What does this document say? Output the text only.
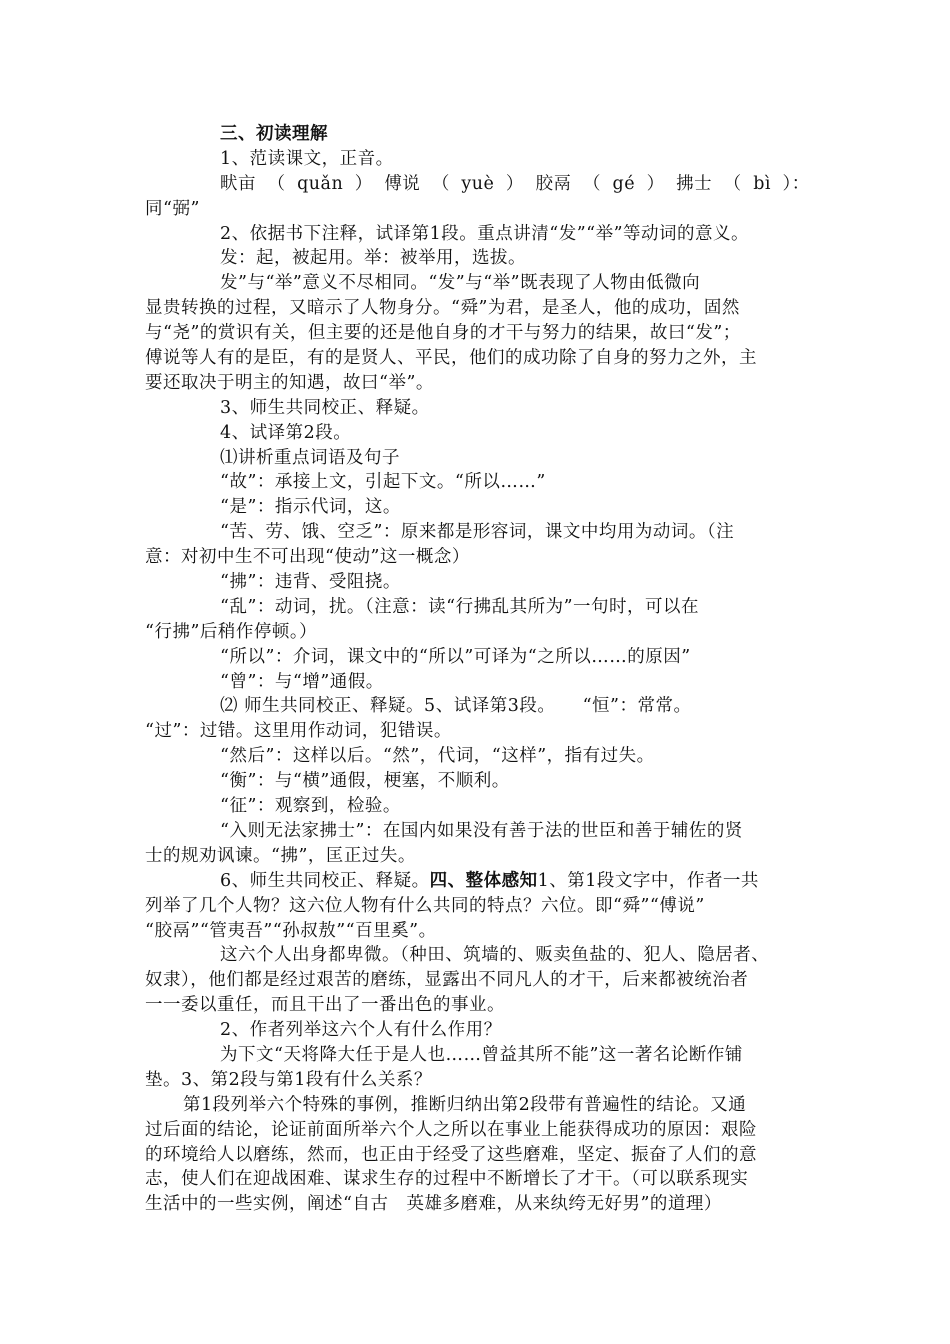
三、初读理解
1、范读课文，正音。
畎亩 （ quǎn ） 傅说 （ yuè ） 胶鬲 （ gé ） 拂士 （ bì ）：
同“弼”
2、依据书下注释，试译第1段。重点讲清“发”“举”等动词的意义。
发：起，被起用。举：被举用，选拔。
发”与“举”意义不尽相同。“发”与“举”既表现了人物由低微向
显贵转换的过程，又暗示了人物身分。“舜”为君，是圣人，他的成功，固然
与“尧”的赏识有关，但主要的还是他自身的才干与努力的结果，故曰“发”；
傅说等人有的是臣，有的是贤人、平民，他们的成功除了自身的努力之外，主
要还取决于明主的知遇，故曰“举”。
3、师生共同校正、释疑。
4、试译第2段。
⑴讲析重点词语及句子
“故”：承接上文，引起下文。“所以……”
“是”：指示代词，这。
“苦、劳、饿、空乏”：原来都是形容词，课文中均用为动词。（注
意：对初中生不可出现“使动”这一概念）
“拂”：违背、受阻挠。
“乱”：动词，扰。（注意：读“行拂乱其所为”一句时，可以在
“行拂”后稍作停顿。）
“所以”：介词，课文中的“所以”可译为“之所以……的原因”
“曾”：与“增”通假。
⑵ 师生共同校正、释疑。5、试译第3段。　　“恒”：常常。
“过”：过错。这里用作动词，犯错误。
“然后”：这样以后。“然”，代词，“这样”，指有过失。
“衡”：与“横”通假，梗塞，不顺利。
“征”：观察到，检验。
“入则无法家拂士”：在国内如果没有善于法的世臣和善于辅佐的贤
士的规劝讽谏。“拂”，匡正过失。
6、师生共同校正、释疑。四、整体感知1、第1段文字中，作者一共
列举了几个人物？这六位人物有什么共同的特点？六位。即“舜”“傅说”
“胶鬲”“管夷吾”“孙叔敖”“百里奚”。
这六个人出身都卑微。（种田、筑墙的、贩卖鱼盐的、犯人、隐居者、
奴隶），他们都是经过艰苦的磨练，显露出不同凡人的才干，后来都被统治者
一一委以重任，而且干出了一番出色的事业。
2、作者列举这六个人有什么作用？
为下文“天将降大任于是人也……曾益其所不能”这一著名论断作铺
垫。3、第2段与第1段有什么关系？
第1段列举六个特殊的事例，推断归纳出第2段带有普遍性的结论。又通
过后面的结论，论证前面所举六个人之所以在事业上能获得成功的原因：艰险
的环境给人以磨练，然而，也正由于经受了这些磨难，坚定、振奋了人们的意
志，使人们在迎战困难、谋求生存的过程中不断增长了才干。（可以联系现实
生活中的一些实例，阐述“自古　英雄多磨难，从来纨绔无好男”的道理）
